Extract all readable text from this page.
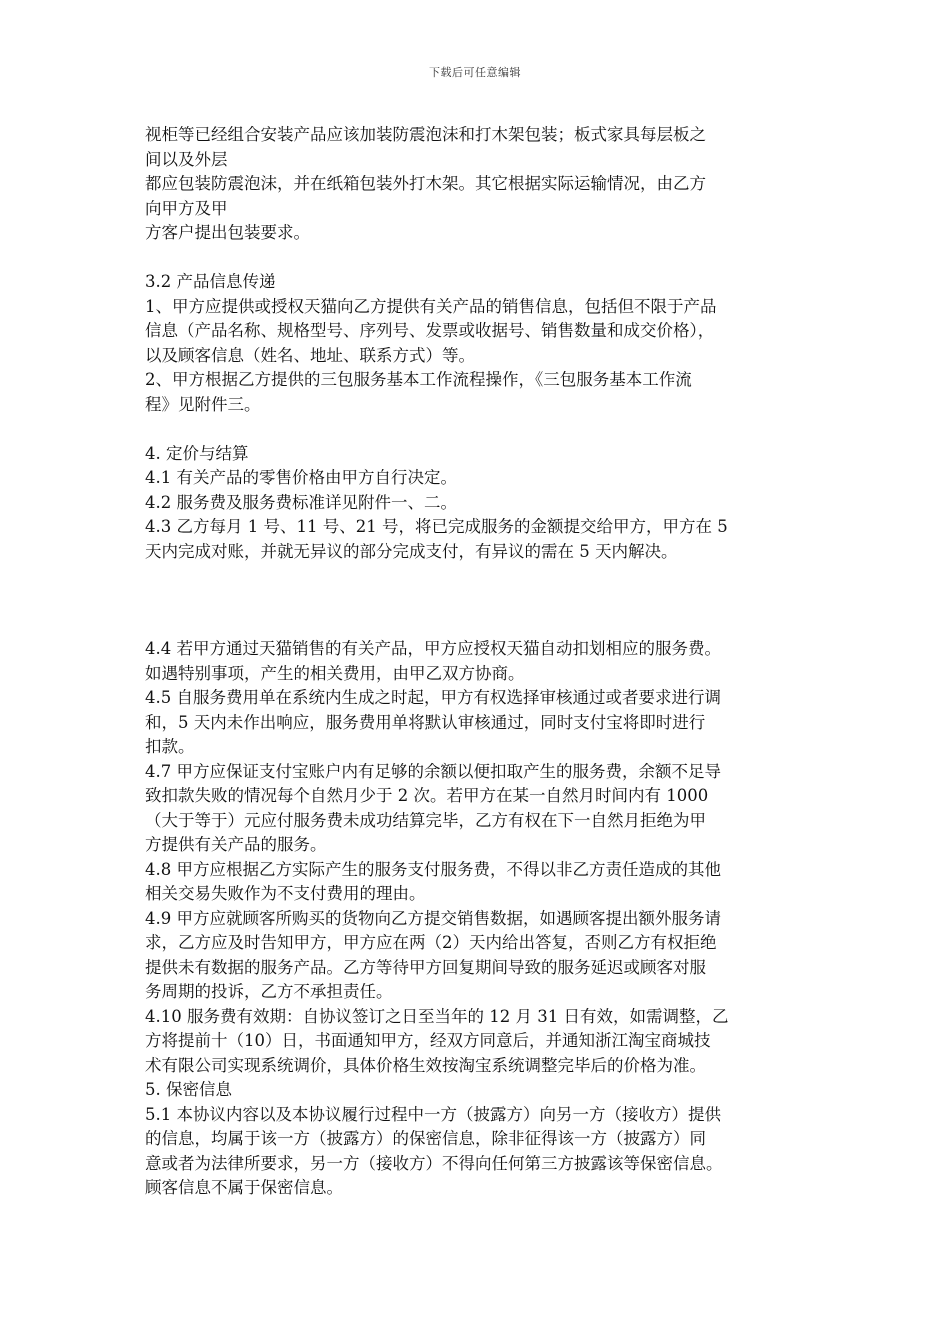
下载后可任意编辑
视柜等已经组合安装产品应该加装防震泡沫和打木架包装；板式家具每层板之
间以及外层
都应包装防震泡沫，并在纸箱包装外打木架。其它根据实际运输情况，由乙方
向甲方及甲
方客户提出包装要求。
3.2 产品信息传递
1、甲方应提供或授权天猫向乙方提供有关产品的销售信息，包括但不限于产品
信息（产品名称、规格型号、序列号、发票或收据号、销售数量和成交价格），
以及顾客信息（姓名、地址、联系方式）等。
2、甲方根据乙方提供的三包服务基本工作流程操作，《三包服务基本工作流
程》见附件三。
4. 定价与结算
4.1 有关产品的零售价格由甲方自行决定。
4.2 服务费及服务费标准详见附件一、二。
4.3 乙方每月 1 号、11 号、21 号，将已完成服务的金额提交给甲方，甲方在 5
天内完成对账，并就无异议的部分完成支付，有异议的需在 5 天内解决。
4.4 若甲方通过天猫销售的有关产品，甲方应授权天猫自动扣划相应的服务费。
如遇特别事项，产生的相关费用，由甲乙双方协商。
4.5 自服务费用单在系统内生成之时起，甲方有权选择审核通过或者要求进行调
和，5 天内未作出响应，服务费用单将默认审核通过，同时支付宝将即时进行
扣款。
4.7 甲方应保证支付宝账户内有足够的余额以便扣取产生的服务费，余额不足导
致扣款失败的情况每个自然月少于 2 次。若甲方在某一自然月时间内有 1000
（大于等于）元应付服务费未成功结算完毕，乙方有权在下一自然月拒绝为甲
方提供有关产品的服务。
4.8 甲方应根据乙方实际产生的服务支付服务费，不得以非乙方责任造成的其他
相关交易失败作为不支付费用的理由。
4.9 甲方应就顾客所购买的货物向乙方提交销售数据，如遇顾客提出额外服务请
求，乙方应及时告知甲方，甲方应在两（2）天内给出答复，否则乙方有权拒绝
提供未有数据的服务产品。乙方等待甲方回复期间导致的服务延迟或顾客对服
务周期的投诉，乙方不承担责任。
4.10 服务费有效期：自协议签订之日至当年的 12 月 31 日有效，如需调整，乙
方将提前十（10）日，书面通知甲方，经双方同意后，并通知浙江淘宝商城技
术有限公司实现系统调价，具体价格生效按淘宝系统调整完毕后的价格为准。
5. 保密信息
5.1 本协议内容以及本协议履行过程中一方（披露方）向另一方（接收方）提供
的信息，均属于该一方（披露方）的保密信息，除非征得该一方（披露方）同
意或者为法律所要求，另一方（接收方）不得向任何第三方披露该等保密信息。
顾客信息不属于保密信息。
